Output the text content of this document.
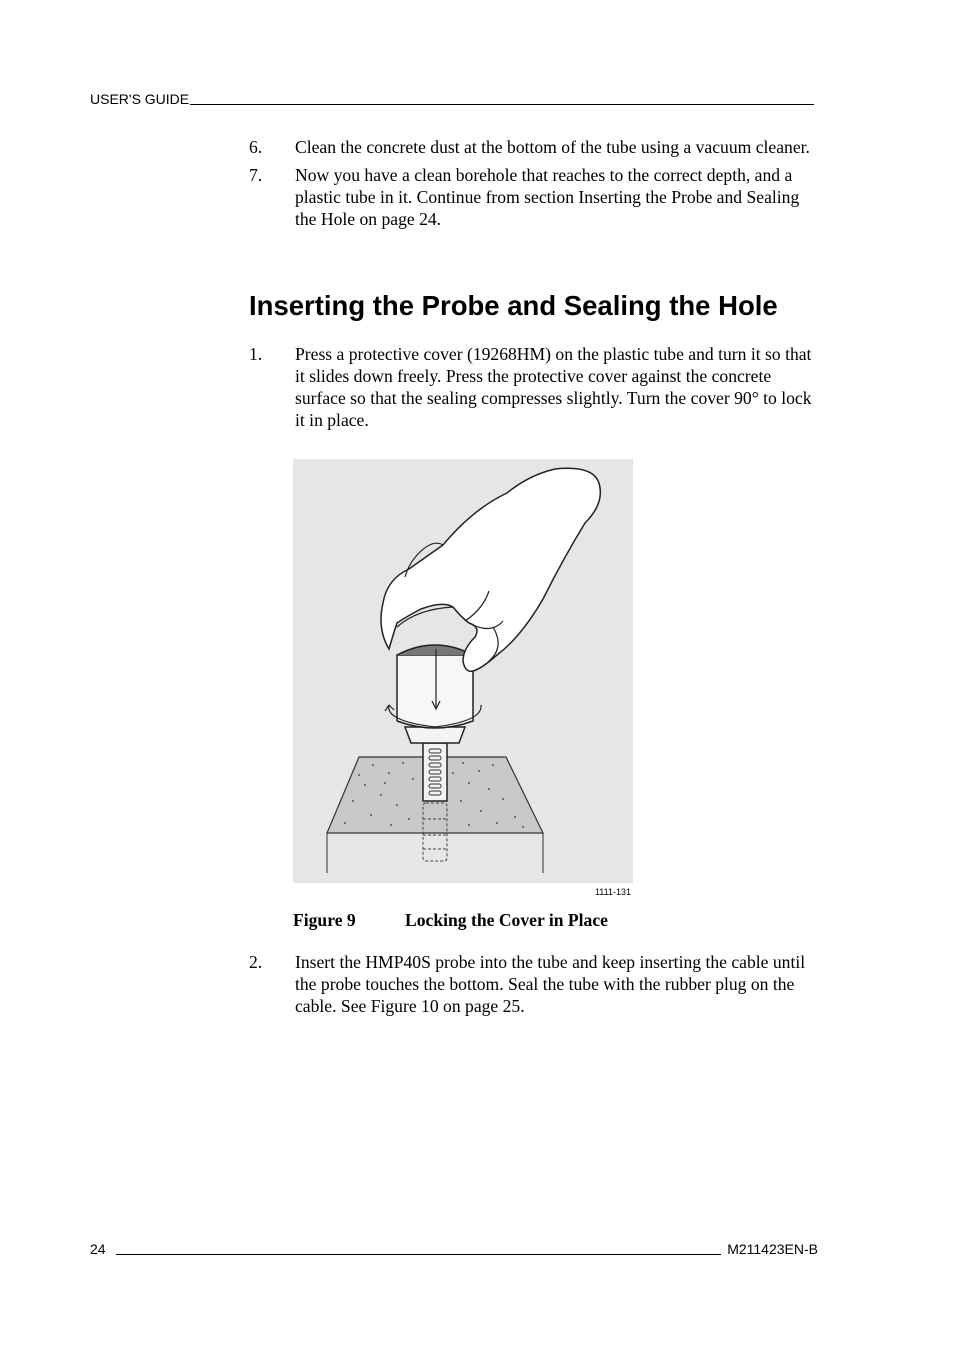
USER'S GUIDE
6.	Clean the concrete dust at the bottom of the tube using a vacuum cleaner.
7.	Now you have a clean borehole that reaches to the correct depth, and a plastic tube in it. Continue from section Inserting the Probe and Sealing the Hole on page 24.
Inserting the Probe and Sealing the Hole
1.	Press a protective cover (19268HM) on the plastic tube and turn it so that it slides down freely. Press the protective cover against the concrete surface so that the sealing compresses slightly. Turn the cover 90° to lock it in place.
1111-131
Figure 9	Locking the Cover in Place
2.	Insert the HMP40S probe into the tube and keep inserting the cable until the probe touches the bottom. Seal the tube with the rubber plug on the cable. See Figure 10 on page 25.
24	M211423EN-B
